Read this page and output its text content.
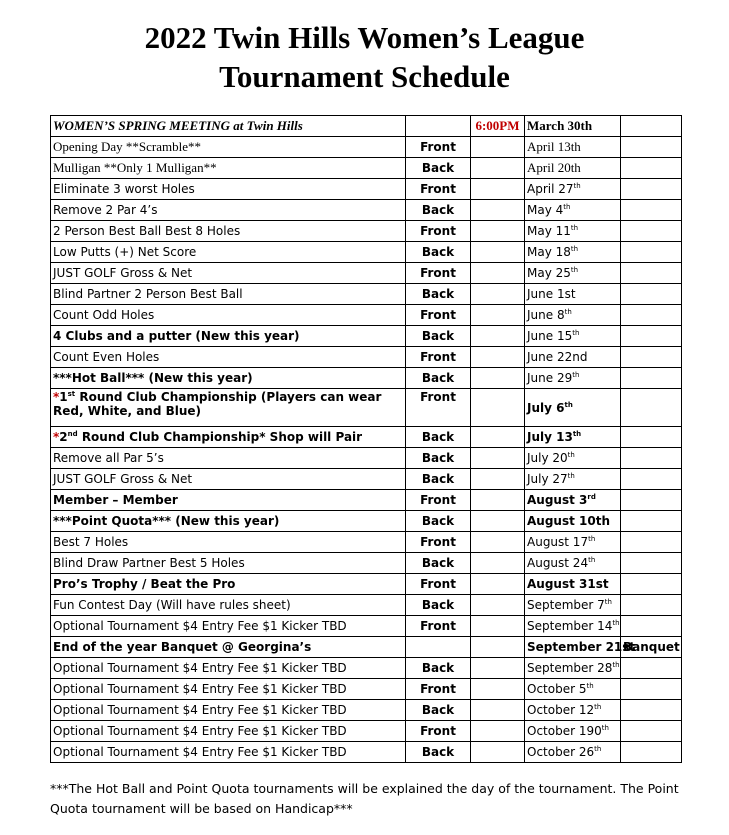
2022 Twin Hills Women’s League
Tournament Schedule
WOMEN’S SPRING MEETING at Twin Hills		6:00PM	March 30th	
Opening Day **Scramble**	Front		April 13th	
Mulligan **Only 1 Mulligan**	Back		April 20th	
Eliminate 3 worst Holes	Front		April 27th	
Remove 2 Par 4’s	Back		May 4th	
2 Person Best Ball Best 8 Holes	Front		May 11th	
Low Putts (+) Net Score	Back		May 18th	
JUST GOLF Gross & Net	Front		May 25th	
Blind Partner 2 Person Best Ball	Back		June 1st	
Count Odd Holes	Front		June 8th	
4 Clubs and a putter (New this year)	Back		June 15th	
Count Even Holes	Front		June 22nd	
***Hot Ball*** (New this year)	Back		June 29th	
*1st Round Club Championship (Players can wear Red, White, and Blue)	Front		July 6th	
*2nd Round Club Championship* Shop will Pair	Back		July 13th	
Remove all Par 5’s	Back		July 20th	
JUST GOLF Gross & Net	Back		July 27th	
Member – Member	Front		August 3rd	
***Point Quota*** (New this year)	Back		August 10th	
Best 7 Holes	Front		August 17th	
Blind Draw Partner Best 5 Holes	Back		August 24th	
Pro’s Trophy / Beat the Pro	Front		August 31st	
Fun Contest Day (Will have rules sheet)	Back		September 7th	
Optional Tournament $4 Entry Fee $1 Kicker TBD	Front		September 14th	
End of the year Banquet @ Georgina’s			September 21st	Banquet
Optional Tournament $4 Entry Fee $1 Kicker TBD	Back		September 28th	
Optional Tournament $4 Entry Fee $1 Kicker TBD	Front		October 5th	
Optional Tournament $4 Entry Fee $1 Kicker TBD	Back		October 12th	
Optional Tournament $4 Entry Fee $1 Kicker TBD	Front		October 190th	
Optional Tournament $4 Entry Fee $1 Kicker TBD	Back		October 26th	
***The Hot Ball and Point Quota tournaments will be explained the day of the tournament. The Point Quota tournament will be based on Handicap***
